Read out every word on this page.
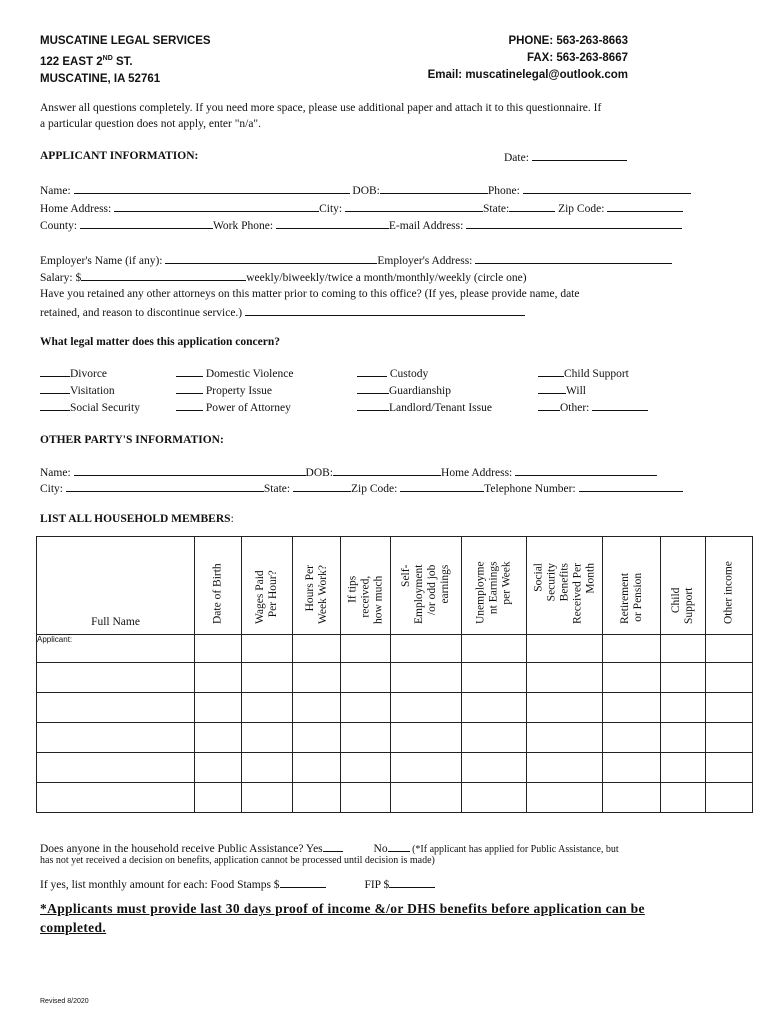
MUSCATINE LEGAL SERVICES
122 EAST 2ND ST.
MUSCATINE, IA 52761
PHONE: 563-263-8663
FAX: 563-263-8667
Email: muscatinelegal@outlook.com
Answer all questions completely. If you need more space, please use additional paper and attach it to this questionnaire. If
a particular question does not apply, enter "n/a".
APPLICANT INFORMATION:	Date:
Name:	DOB:	Phone:
Home Address:	City:	State:	Zip Code:
County:	Work Phone:	E-mail Address:
Employer's Name (if any):	Employer's Address:
Salary: $	weekly/biweekly/twice a month/monthly/weekly (circle one)
Have you retained any other attorneys on this matter prior to coming to this office? (If yes, please provide name, date
retained, and reason to discontinue service.)
What legal matter does this application concern?
Divorce
Visitation
Social Security
Domestic Violence
Property Issue
Power of Attorney
Custody
Guardianship
Landlord/Tenant Issue
Child Support
Will
Other:
OTHER PARTY'S INFORMATION:
Name:	DOB:	Home Address:
City:	State:	Zip Code:	Telephone Number:
LIST ALL HOUSEHOLD MEMBERS:
Full Name	Date of Birth	Wages Paid
Per Hour?	Hours Per
Week Work?	If tips
received,
how much	Self-
Employment
/or odd job
earnings	Unemployme
nt Earnings
per Week	Social
Security
Benefits
Received Per
Month	Retirement
or Pension	Child
Support	Other income

Applicant:										

Does anyone in the household receive Public Assistance? Yes	No (*If applicant has applied for Public Assistance, but
has not yet received a decision on benefits, application cannot be processed until decision is made)
If yes, list monthly amount for each: Food Stamps $	FIP $
*Applicants must provide last 30 days proof of income &/or DHS benefits before application can be
completed.
Revised 8/2020
